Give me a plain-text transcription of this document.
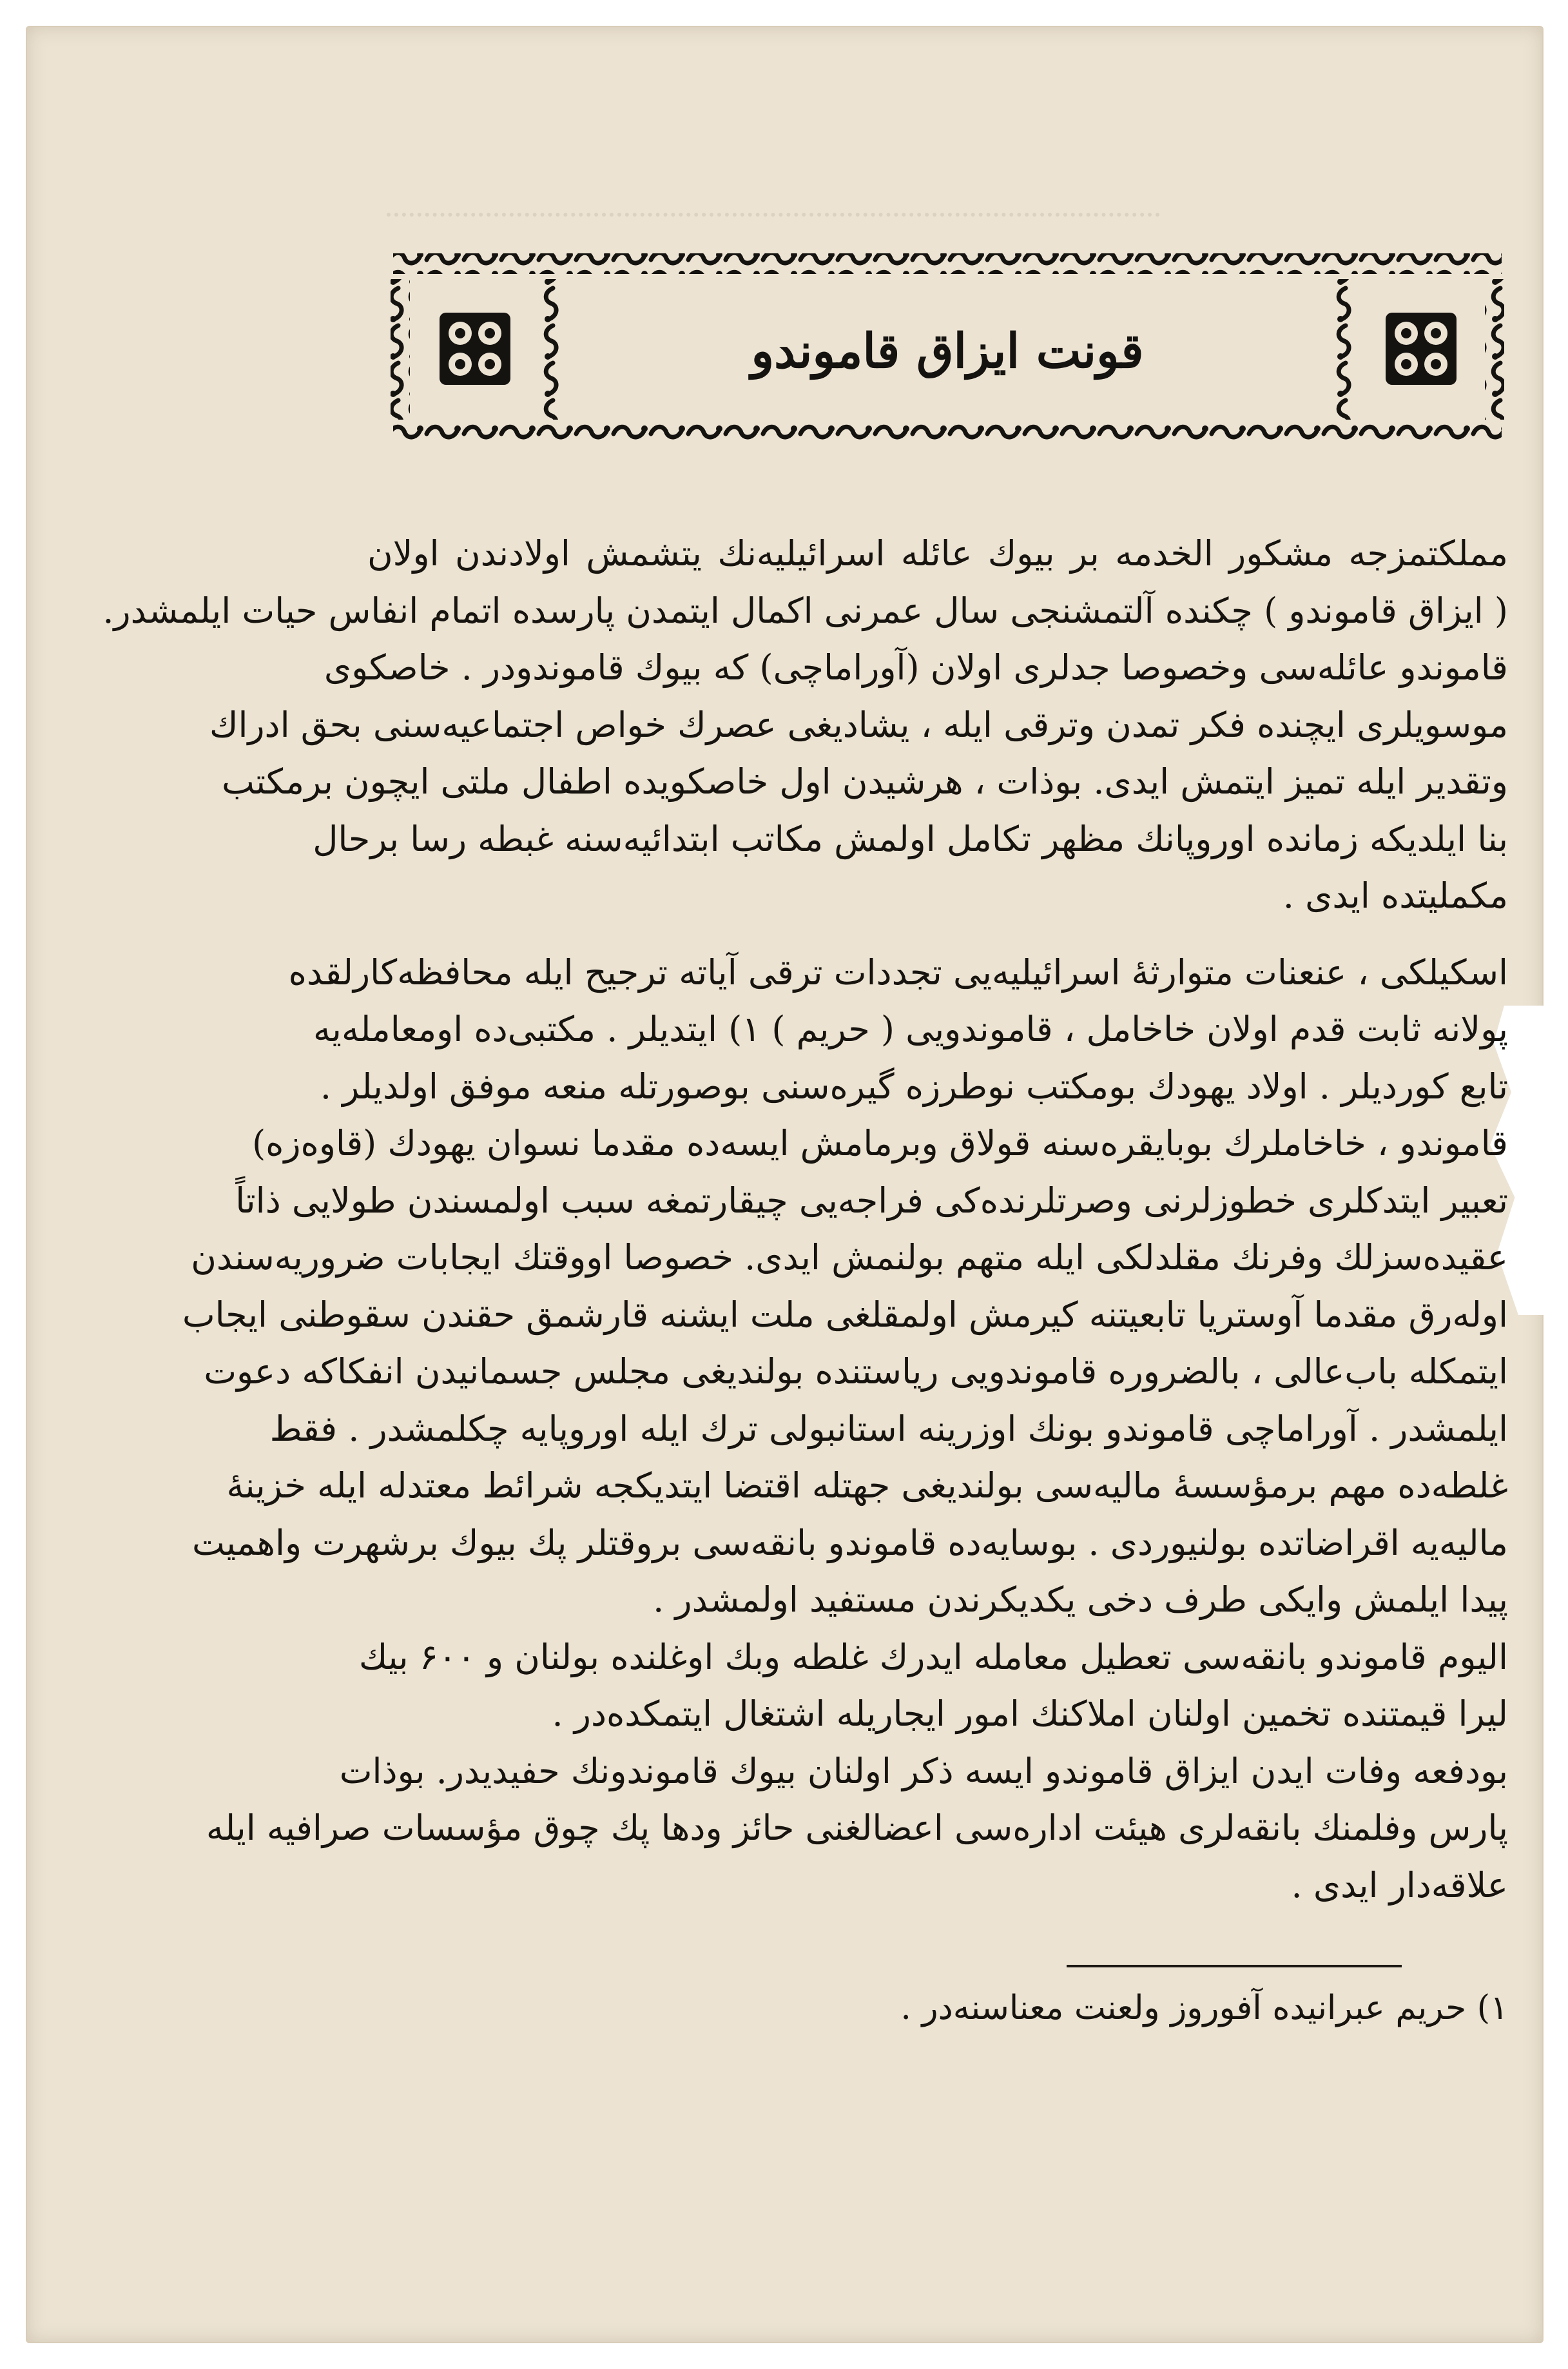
قونت ایزاق قاموندو
مملکتمزجه مشکور الخدمه بر بیوك عائله اسرائیلیه‌نك یتشمش اولادندن اولان
( ایزاق قاموندو ) چکنده آلتمشنجی سال عمرنی اکمال ایتمدن پارسده اتمام انفاس حیات ایلمشدر.
قاموندو عائله‌سی وخصوصا جدلری اولان (آوراماچی) که بیوك قاموندودر . خاصکوی
موسویلری ایچنده فکر تمدن وترقی ایله ، یشادیغی عصرك خواص اجتماعیه‌سنی بحق ادراك
وتقدیر ایله تمیز ایتمش ایدی. بوذات ، هرشیدن اول خاصکویده اطفال ملتی ایچون برمکتب
بنا ایلدیکه زمانده اوروپانك مظهر تکامل اولمش مکاتب ابتدائیه‌سنه غبطه رسا برحال
مکملیتده ایدی .
اسکیلکی ، عنعنات متوارثهٔ اسرائیلیه‌یی تجددات ترقی آیاته ترجیح ایله محافظه‌کارلقده
پولانه ثابت قدم اولان خاخامل ، قاموندویی ( حریم ) ۱) ایتدیلر . مکتبی‌ده اومعامله‌یه
تابع کوردیلر . اولاد یهودك بومکتب نوطرزه گیره‌سنی بوصورتله منعه موفق اولدیلر .
قاموندو ، خاخاملرك بوبایقره‌سنه قولاق وبرمامش ایسه‌ده مقدما نسوان یهودك (قاوه‌زه)
تعبیر ایتدکلری خطوزلرنی وصرتلرنده‌کی فراجه‌یی چیقارتمغه سبب اولمسندن طولایی ذاتاً
عقیده‌سزلك وفرنك مقلدلکی ایله متهم بولنمش ایدی. خصوصا اووقتك ایجابات ضروریه‌سندن
اوله‌رق مقدما آوستریا تابعیتنه کیرمش اولمقلغی ملت ایشنه قارشمق حقندن سقوطنی ایجاب
ایتمکله باب‌عالی ، بالضروره قاموندویی ریاستنده بولندیغی مجلس جسمانیدن انفکاکه دعوت
ایلمشدر . آوراماچی قاموندو بونك اوزرینه استانبولی ترك ایله اوروپایه چکلمشدر . فقط
غلطه‌ده مهم برمؤسسهٔ مالیه‌سی بولندیغی جهتله اقتضا ایتدیکجه شرائط معتدله ایله خزینهٔ
مالیه‌یه اقراضاتده بولنیوردی . بوسایه‌ده قاموندو بانقه‌سی بروقتلر پك بیوك برشهرت واهمیت
پیدا ایلمش وایکی طرف دخی یکدیکرندن مستفید اولمشدر .
الیوم قاموندو بانقه‌سی تعطیل معامله ایدرك غلطه وبك اوغلنده بولنان و ۶۰۰ بیك
لیرا قیمتنده تخمین اولنان املاکنك امور ایجاریله اشتغال ایتمکده‌در .
بودفعه وفات ایدن ایزاق قاموندو ایسه ذکر اولنان بیوك قاموندونك حفیدیدر. بوذات
پارس وفلمنك بانقه‌لری هیئت اداره‌سی اعضالغنی حائز ودها پك چوق مؤسسات صرافیه ایله
علاقه‌دار ایدی .
۱) حریم عبرانیده آفوروز ولعنت معناسنه‌در .
